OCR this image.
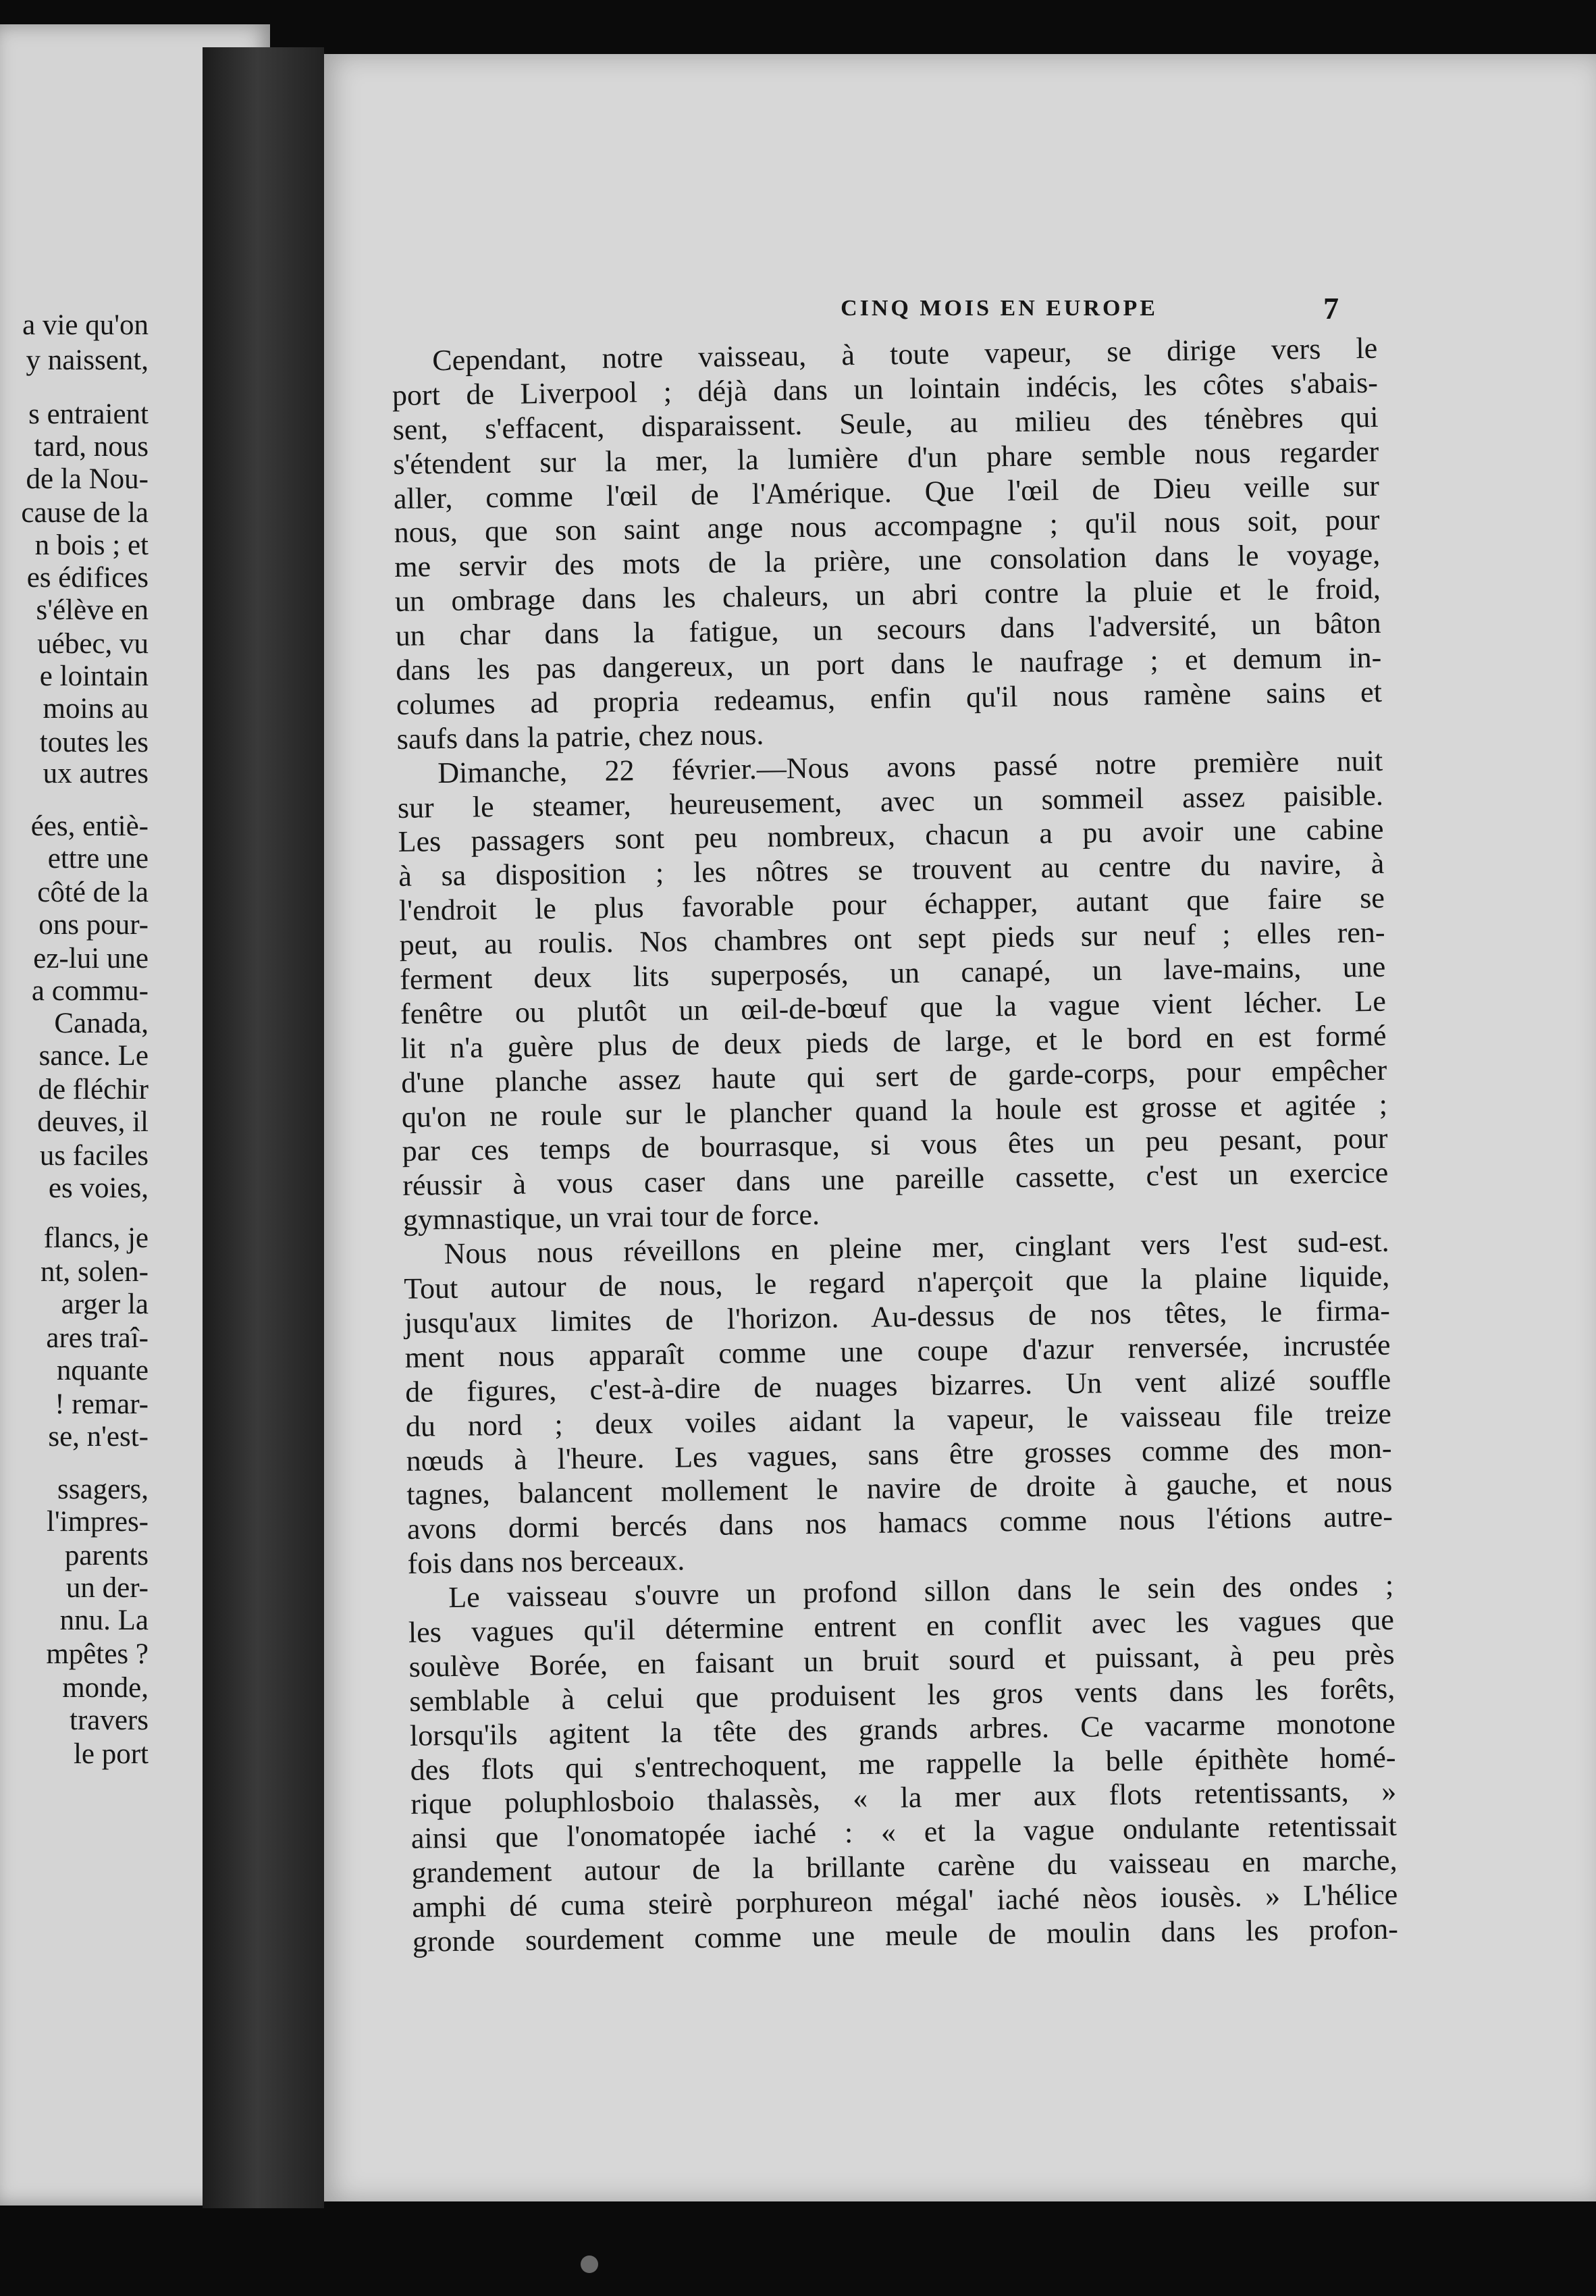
a vie qu'on
y naissent,
s entraient
tard, nous
de la Nou-
cause de la
n bois ; et
es édifices
s'élève en
uébec, vu
e lointain
moins au
toutes les
ux autres
ées, entiè-
ettre une
côté de la
ons pour-
ez-lui une
a commu-
Canada,
sance. Le
de fléchir
deuves, il
us faciles
es voies,
flancs, je
nt, solen-
arger la
ares traî-
nquante
! remar-
se, n'est-
ssagers,
l'impres-
parents
un der-
nnu. La
mpêtes ?
monde,
travers
le port
CINQ MOIS EN EUROPE	7
Cependant, notre vaisseau, à toute vapeur, se dirige vers le
port de Liverpool ; déjà dans un lointain indécis, les côtes s'abais-
sent, s'effacent, disparaissent. Seule, au milieu des ténèbres qui
s'étendent sur la mer, la lumière d'un phare semble nous regarder
aller, comme l'œil de l'Amérique. Que l'œil de Dieu veille sur
nous, que son saint ange nous accompagne ; qu'il nous soit, pour
me servir des mots de la prière, une consolation dans le voyage,
un ombrage dans les chaleurs, un abri contre la pluie et le froid,
un char dans la fatigue, un secours dans l'adversité, un bâton
dans les pas dangereux, un port dans le naufrage ; et demum in-
columes ad propria redeamus, enfin qu'il nous ramène sains et
saufs dans la patrie, chez nous.
Dimanche, 22 février.—Nous avons passé notre première nuit
sur le steamer, heureusement, avec un sommeil assez paisible.
Les passagers sont peu nombreux, chacun a pu avoir une cabine
à sa disposition ; les nôtres se trouvent au centre du navire, à
l'endroit le plus favorable pour échapper, autant que faire se
peut, au roulis. Nos chambres ont sept pieds sur neuf ; elles ren-
ferment deux lits superposés, un canapé, un lave-mains, une
fenêtre ou plutôt un œil-de-bœuf que la vague vient lécher. Le
lit n'a guère plus de deux pieds de large, et le bord en est formé
d'une planche assez haute qui sert de garde-corps, pour empêcher
qu'on ne roule sur le plancher quand la houle est grosse et agitée ;
par ces temps de bourrasque, si vous êtes un peu pesant, pour
réussir à vous caser dans une pareille cassette, c'est un exercice
gymnastique, un vrai tour de force.
Nous nous réveillons en pleine mer, cinglant vers l'est sud-est.
Tout autour de nous, le regard n'aperçoit que la plaine liquide,
jusqu'aux limites de l'horizon. Au-dessus de nos têtes, le firma-
ment nous apparaît comme une coupe d'azur renversée, incrustée
de figures, c'est-à-dire de nuages bizarres. Un vent alizé souffle
du nord ; deux voiles aidant la vapeur, le vaisseau file treize
nœuds à l'heure. Les vagues, sans être grosses comme des mon-
tagnes, balancent mollement le navire de droite à gauche, et nous
avons dormi bercés dans nos hamacs comme nous l'étions autre-
fois dans nos berceaux.
Le vaisseau s'ouvre un profond sillon dans le sein des ondes ;
les vagues qu'il détermine entrent en conflit avec les vagues que
soulève Borée, en faisant un bruit sourd et puissant, à peu près
semblable à celui que produisent les gros vents dans les forêts,
lorsqu'ils agitent la tête des grands arbres. Ce vacarme monotone
des flots qui s'entrechoquent, me rappelle la belle épithète homé-
rique poluphlosboio thalassès, « la mer aux flots retentissants, »
ainsi que l'onomatopée iaché : « et la vague ondulante retentissait
grandement autour de la brillante carène du vaisseau en marche,
amphi dé cuma steirè porphureon mégal' iaché nèos iousès. » L'hélice
gronde sourdement comme une meule de moulin dans les profon-
